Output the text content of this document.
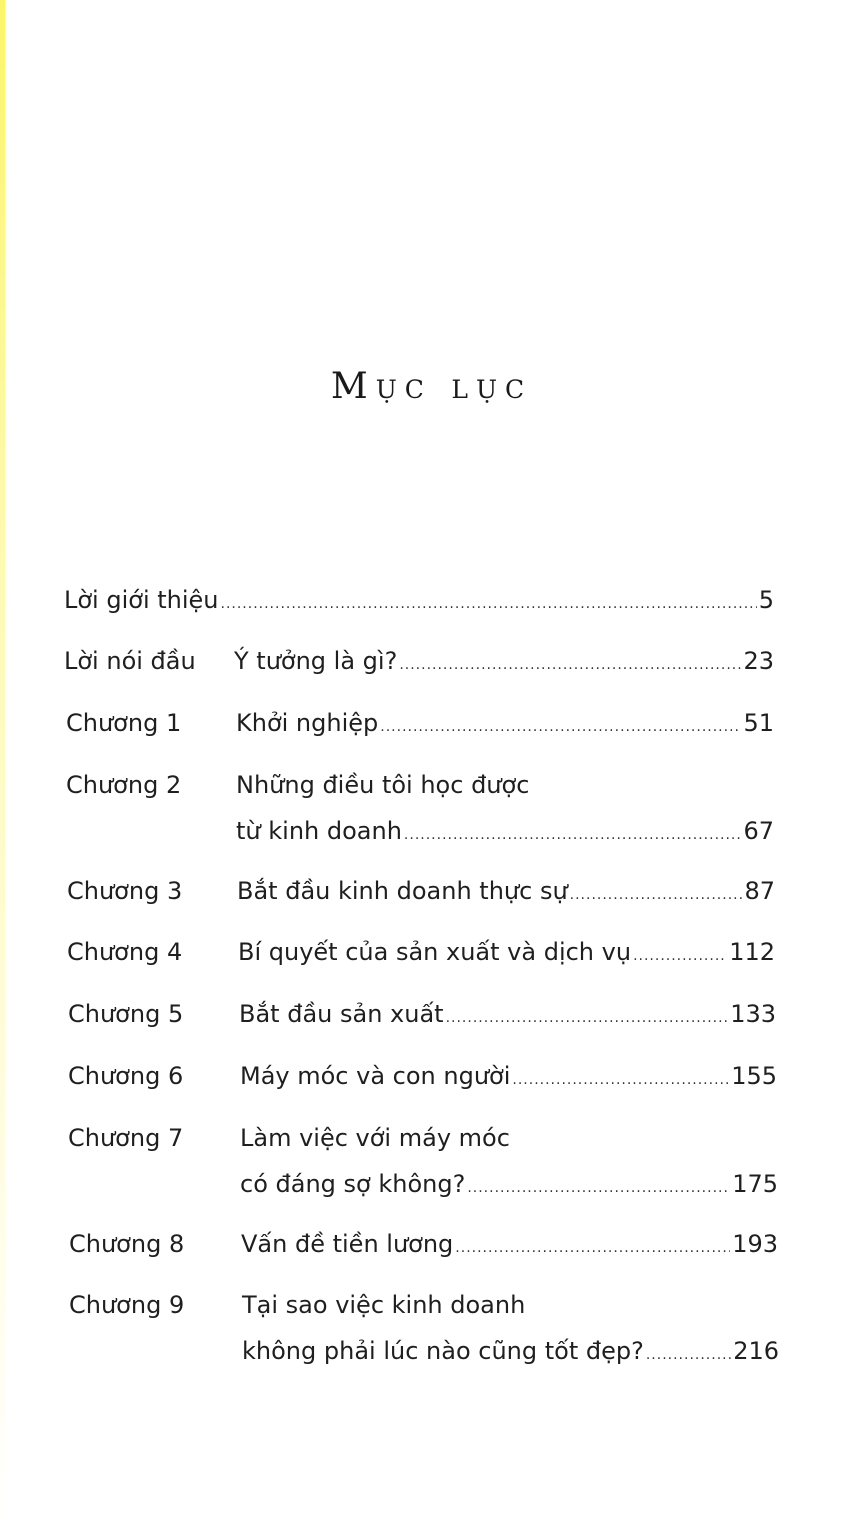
Mục lục
Lời giới thiệu .....	5
Lời nói đầu Ý tưởng là gì? .....	23
Chương 1 Khởi nghiệp .....	51
Chương 2 Những điều tôi học được
từ kinh doanh .....	67
Chương 3 Bắt đầu kinh doanh thực sự .....	87
Chương 4 Bí quyết của sản xuất và dịch vụ .....	112
Chương 5 Bắt đầu sản xuất .....	133
Chương 6 Máy móc và con người .....	155
Chương 7 Làm việc với máy móc
có đáng sợ không? .....	175
Chương 8 Vấn đề tiền lương .....	193
Chương 9 Tại sao việc kinh doanh
không phải lúc nào cũng tốt đẹp? .....	216
